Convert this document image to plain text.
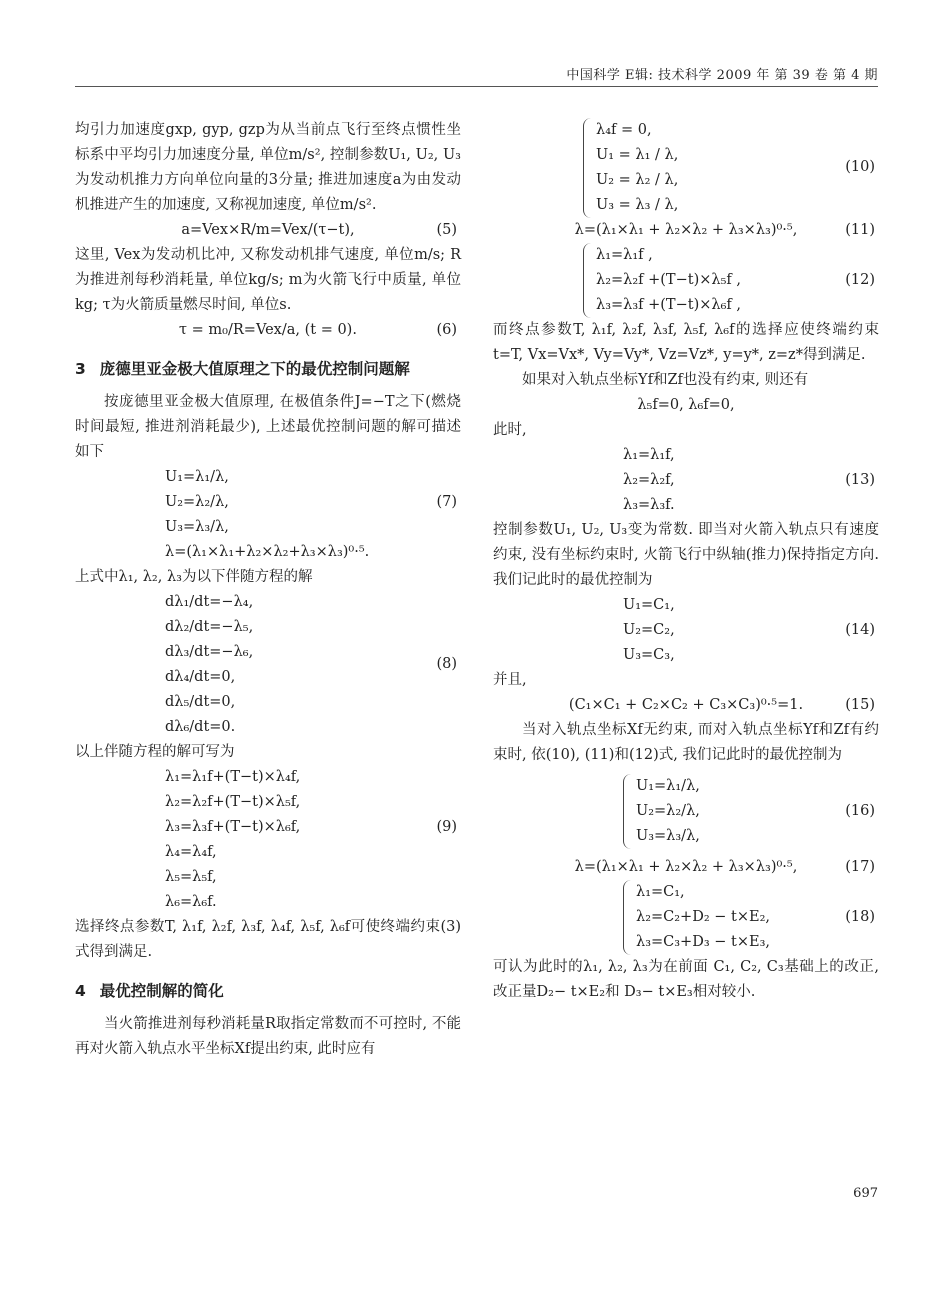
中国科学 E辑: 技术科学 2009 年 第 39 卷 第 4 期

均引力加速度gxp, gyp, gzp为从当前点飞行至终点惯性坐标系中平均引力加速度分量, 单位m/s², 控制参数U₁, U₂, U₃为发动机推力方向单位向量的3分量; 推进加速度a为由发动机推进产生的加速度, 又称视加速度, 单位m/s².

a=Vex×R/m=Vex/(τ−t),	(5)

这里, Vex为发动机比冲, 又称发动机排气速度, 单位m/s; R为推进剂每秒消耗量, 单位kg/s; m为火箭飞行中质量, 单位kg; τ为火箭质量燃尽时间, 单位s.

τ = m₀/R=Vex/a, (t = 0).	(6)
3 庞德里亚金极大值原理之下的最优控制问题解

按庞德里亚金极大值原理, 在极值条件J=−T之下(燃烧时间最短, 推进剂消耗最少), 上述最优控制问题的解可描述如下

U₁=λ₁/λ,
U₂=λ₂/λ,
U₃=λ₃/λ,
λ=(λ₁×λ₁+λ₂×λ₂+λ₃×λ₃)⁰·⁵.
(7)

上式中λ₁, λ₂, λ₃为以下伴随方程的解

dλ₁/dt=−λ₄,
dλ₂/dt=−λ₅,
dλ₃/dt=−λ₆,
dλ₄/dt=0,
dλ₅/dt=0,
dλ₆/dt=0.
(8)

以上伴随方程的解可写为

λ₁=λ₁f+(T−t)×λ₄f,
λ₂=λ₂f+(T−t)×λ₅f,
λ₃=λ₃f+(T−t)×λ₆f,
λ₄=λ₄f,
λ₅=λ₅f,
λ₆=λ₆f.
(9)

选择终点参数T, λ₁f, λ₂f, λ₃f, λ₄f, λ₅f, λ₆f可使终端约束(3)式得到满足.

4 最优控制解的简化

当火箭推进剂每秒消耗量R取指定常数而不可控时, 不能再对火箭入轨点水平坐标Xf提出约束, 此时应有

λ₄f = 0,
U₁ = λ₁ / λ,
U₂ = λ₂ / λ,
U₃ = λ₃ / λ,
(10)
λ=(λ₁×λ₁ + λ₂×λ₂ + λ₃×λ₃)⁰·⁵,	(11)
λ₁=λ₁f ,
λ₂=λ₂f +(T−t)×λ₅f ,
λ₃=λ₃f +(T−t)×λ₆f ,
(12)

而终点参数T, λ₁f, λ₂f, λ₃f, λ₅f, λ₆f的选择应使终端约束t=T, Vx=Vx*, Vy=Vy*, Vz=Vz*, y=y*, z=z*得到满足.

如果对入轨点坐标Yf和Zf也没有约束, 则还有

λ₅f=0, λ₆f=0,

此时,

λ₁=λ₁f,
λ₂=λ₂f,
λ₃=λ₃f.
(13)

控制参数U₁, U₂, U₃变为常数. 即当对火箭入轨点只有速度约束, 没有坐标约束时, 火箭飞行中纵轴(推力)保持指定方向. 我们记此时的最优控制为

U₁=C₁,
U₂=C₂,
U₃=C₃,
(14)

并且,

(C₁×C₁ + C₂×C₂ + C₃×C₃)⁰·⁵=1.	(15)

当对入轨点坐标Xf无约束, 而对入轨点坐标Yf和Zf有约束时, 依(10), (11)和(12)式, 我们记此时的最优控制为

U₁=λ₁/λ,
U₂=λ₂/λ,
U₃=λ₃/λ,
(16)
λ=(λ₁×λ₁ + λ₂×λ₂ + λ₃×λ₃)⁰·⁵,	(17)
λ₁=C₁,
λ₂=C₂+D₂ − t×E₂,
λ₃=C₃+D₃ − t×E₃,
(18)

可认为此时的λ₁, λ₂, λ₃为在前面 C₁, C₂, C₃基础上的改正, 改正量D₂− t×E₂和 D₃− t×E₃相对较小.

697
